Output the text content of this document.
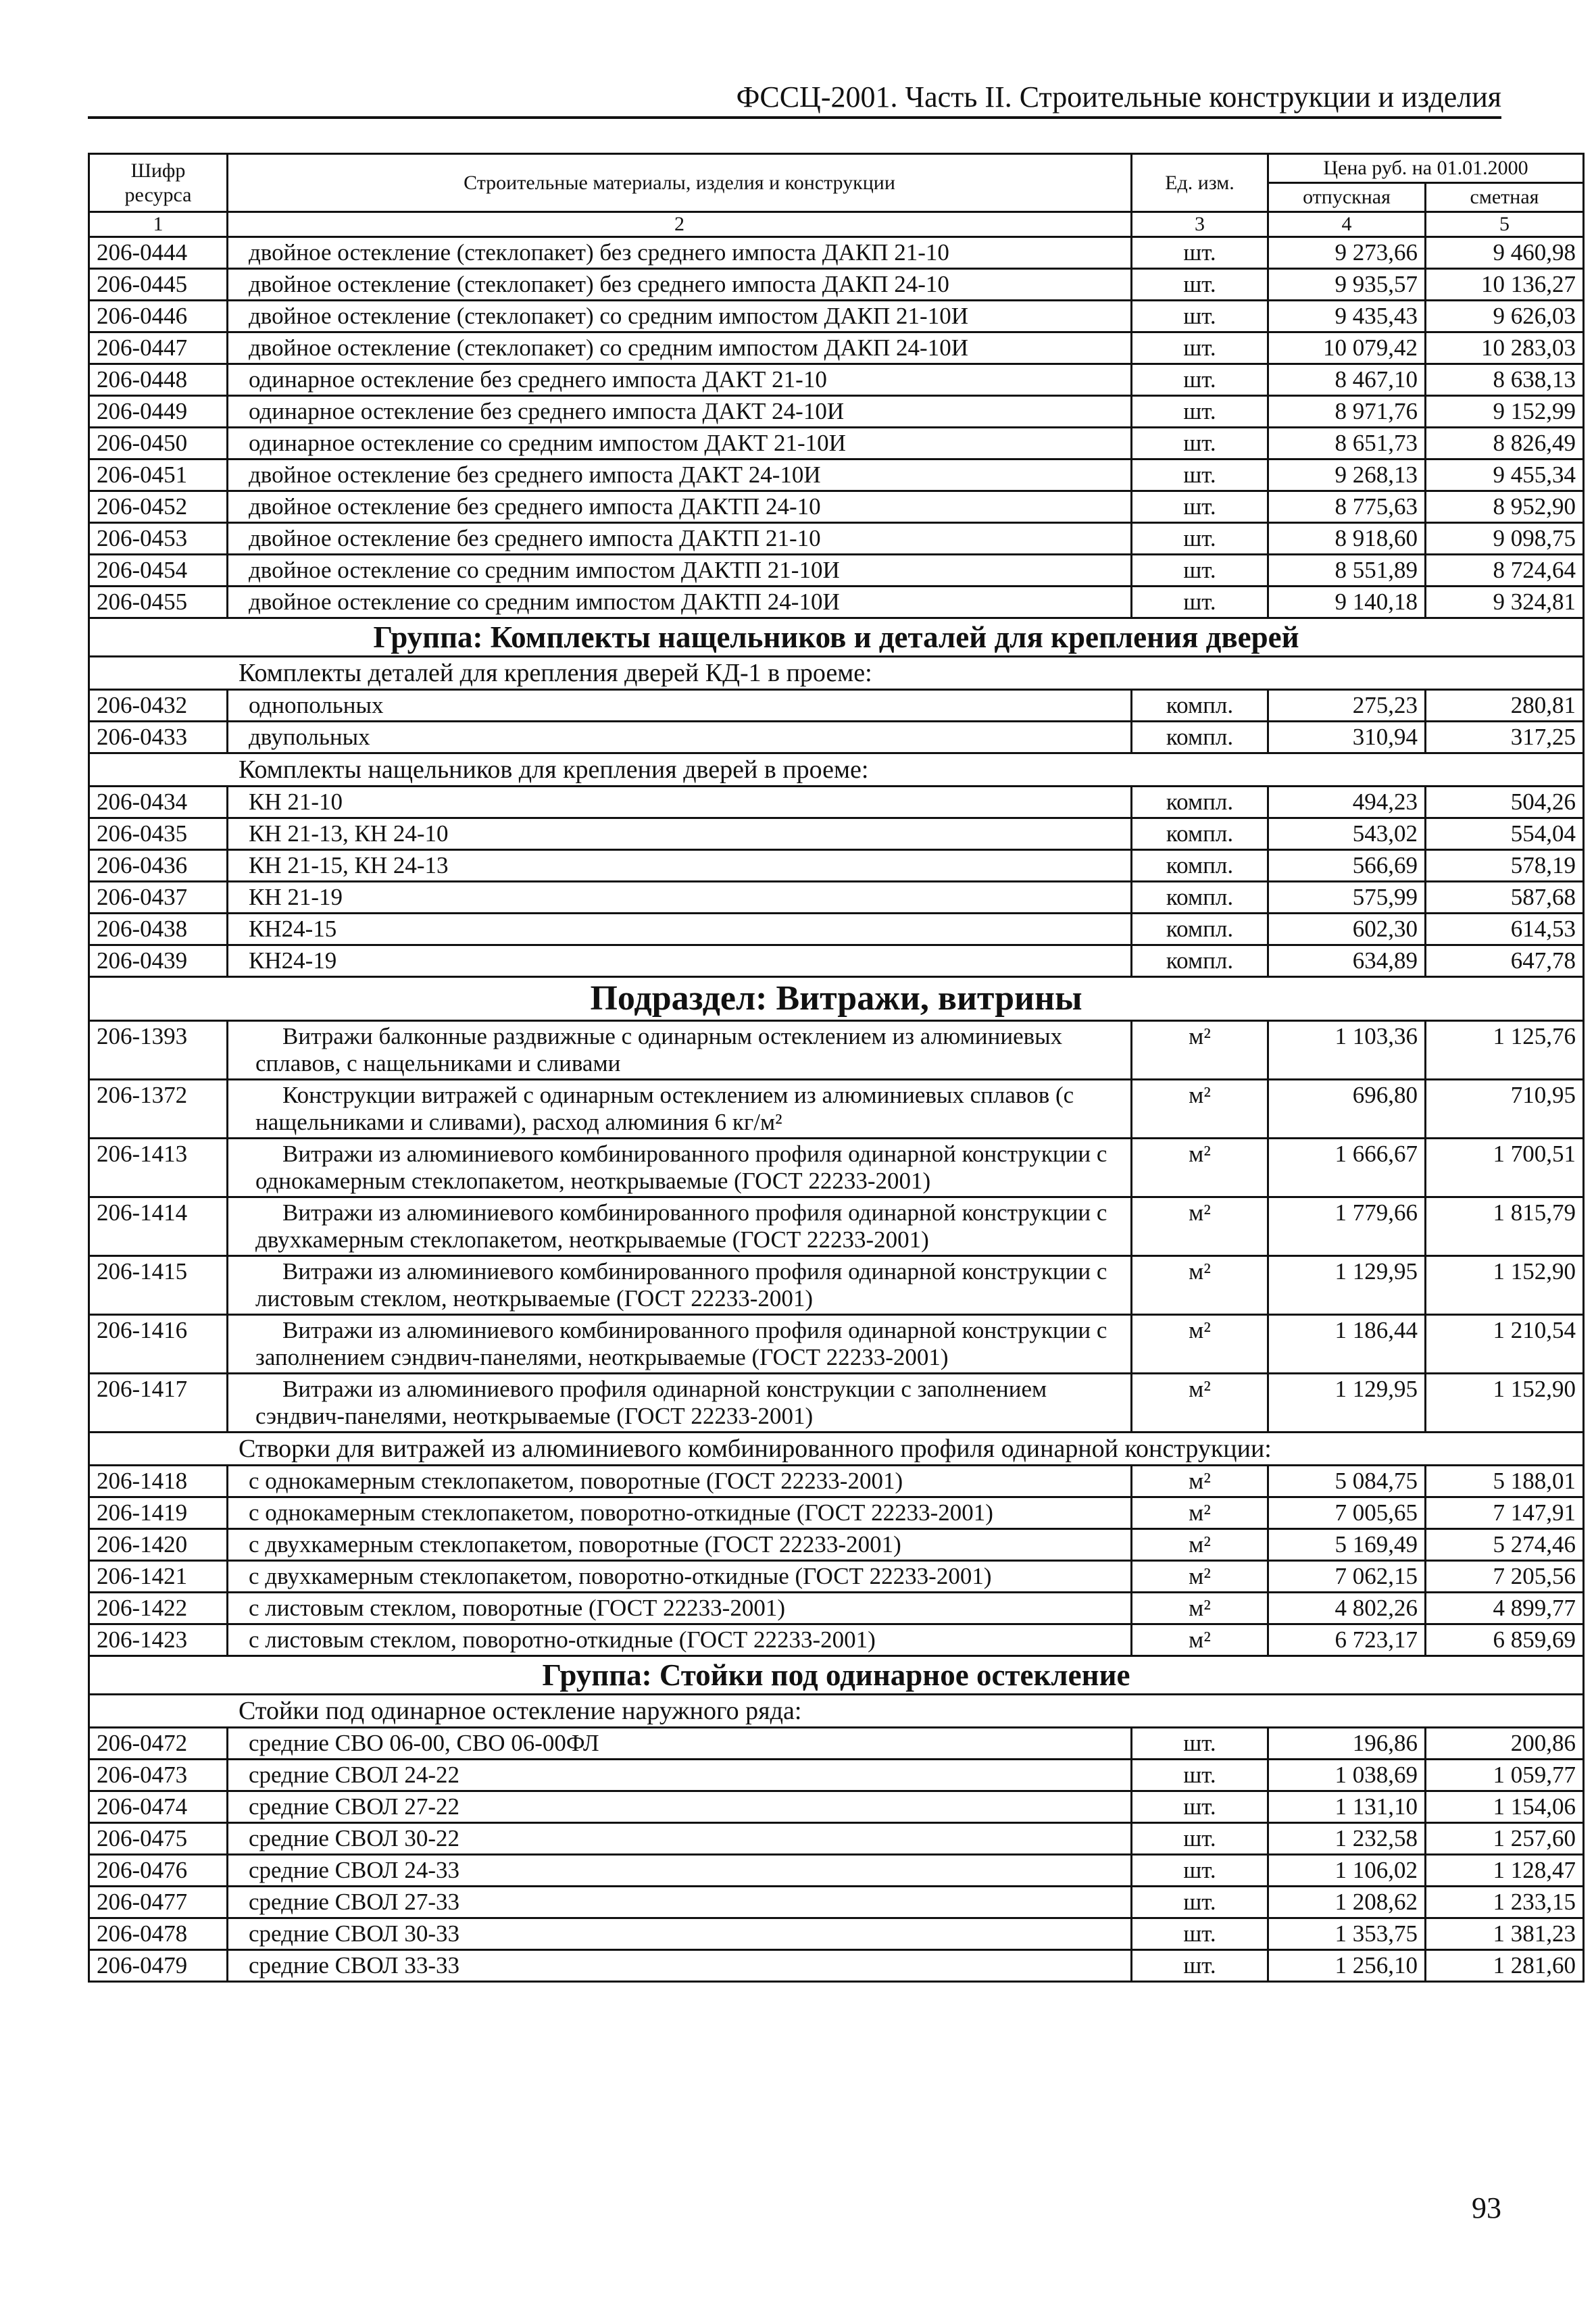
ФССЦ-2001. Часть II. Строительные конструкции и изделия
Шифр ресурса	Строительные материалы, изделия и конструкции	Ед. изм.	Цена руб. на 01.01.2000	
			отпускная	сметная
1	2	3	4	5
206-0444	двойное остекление (стеклопакет) без среднего импоста ДАКП 21-10	шт.	9 273,66	9 460,98
206-0445	двойное остекление (стеклопакет) без среднего импоста ДАКП 24-10	шт.	9 935,57	10 136,27
206-0446	двойное остекление (стеклопакет) со средним импостом ДАКП 21-10И	шт.	9 435,43	9 626,03
206-0447	двойное остекление (стеклопакет) со средним импостом ДАКП 24-10И	шт.	10 079,42	10 283,03
206-0448	одинарное остекление без среднего импоста ДАКТ 21-10	шт.	8 467,10	8 638,13
206-0449	одинарное остекление без среднего импоста ДАКТ 24-10И	шт.	8 971,76	9 152,99
206-0450	одинарное остекление со средним импостом ДАКТ 21-10И	шт.	8 651,73	8 826,49
206-0451	двойное остекление без среднего импоста ДАКТ 24-10И	шт.	9 268,13	9 455,34
206-0452	двойное остекление без среднего импоста ДАКТП 24-10	шт.	8 775,63	8 952,90
206-0453	двойное остекление без среднего импоста ДАКТП 21-10	шт.	8 918,60	9 098,75
206-0454	двойное остекление со средним импостом ДАКТП 21-10И	шт.	8 551,89	8 724,64
206-0455	двойное остекление со средним импостом ДАКТП 24-10И	шт.	9 140,18	9 324,81
Группа: Комплекты нащельников и деталей для крепления дверей				
Комплекты деталей для крепления дверей КД-1 в проеме:				
206-0432	однопольных	компл.	275,23	280,81
206-0433	двупольных	компл.	310,94	317,25
Комплекты нащельников для крепления дверей в проеме:				
206-0434	КН 21-10	компл.	494,23	504,26
206-0435	КН 21-13, КН 24-10	компл.	543,02	554,04
206-0436	КН 21-15, КН 24-13	компл.	566,69	578,19
206-0437	КН 21-19	компл.	575,99	587,68
206-0438	КН24-15	компл.	602,30	614,53
206-0439	КН24-19	компл.	634,89	647,78
Подраздел: Витражи, витрины				
206-1393	Витражи балконные раздвижные с одинарным остеклением из алюминиевых сплавов, с нащельниками и сливами	м²	1 103,36	1 125,76
206-1372	Конструкции витражей с одинарным остеклением из алюминиевых сплавов (с нащельниками и сливами), расход алюминия 6 кг/м²	м²	696,80	710,95
206-1413	Витражи из алюминиевого комбинированного профиля одинарной конструкции с однокамерным стеклопакетом, неоткрываемые (ГОСТ 22233-2001)	м²	1 666,67	1 700,51
206-1414	Витражи из алюминиевого комбинированного профиля одинарной конструкции с двухкамерным стеклопакетом, неоткрываемые (ГОСТ 22233-2001)	м²	1 779,66	1 815,79
206-1415	Витражи из алюминиевого комбинированного профиля одинарной конструкции с листовым стеклом, неоткрываемые (ГОСТ 22233-2001)	м²	1 129,95	1 152,90
206-1416	Витражи из алюминиевого комбинированного профиля одинарной конструкции с заполнением сэндвич-панелями, неоткрываемые (ГОСТ 22233-2001)	м²	1 186,44	1 210,54
206-1417	Витражи из алюминиевого профиля одинарной конструкции с заполнением сэндвич-панелями, неоткрываемые (ГОСТ 22233-2001)	м²	1 129,95	1 152,90
Створки для витражей из алюминиевого комбинированного профиля одинарной конструкции:				
206-1418	с однокамерным стеклопакетом, поворотные (ГОСТ 22233-2001)	м²	5 084,75	5 188,01
206-1419	с однокамерным стеклопакетом, поворотно-откидные (ГОСТ 22233-2001)	м²	7 005,65	7 147,91
206-1420	с двухкамерным стеклопакетом, поворотные (ГОСТ 22233-2001)	м²	5 169,49	5 274,46
206-1421	с двухкамерным стеклопакетом, поворотно-откидные (ГОСТ 22233-2001)	м²	7 062,15	7 205,56
206-1422	с листовым стеклом, поворотные (ГОСТ 22233-2001)	м²	4 802,26	4 899,77
206-1423	с листовым стеклом, поворотно-откидные (ГОСТ 22233-2001)	м²	6 723,17	6 859,69
Группа: Стойки под одинарное остекление				
Стойки под одинарное остекление наружного ряда:				
206-0472	средние СВО 06-00, СВО 06-00ФЛ	шт.	196,86	200,86
206-0473	средние СВОЛ 24-22	шт.	1 038,69	1 059,77
206-0474	средние СВОЛ 27-22	шт.	1 131,10	1 154,06
206-0475	средние СВОЛ 30-22	шт.	1 232,58	1 257,60
206-0476	средние СВОЛ 24-33	шт.	1 106,02	1 128,47
206-0477	средние СВОЛ 27-33	шт.	1 208,62	1 233,15
206-0478	средние СВОЛ 30-33	шт.	1 353,75	1 381,23
206-0479	средние СВОЛ 33-33	шт.	1 256,10	1 281,60
93
